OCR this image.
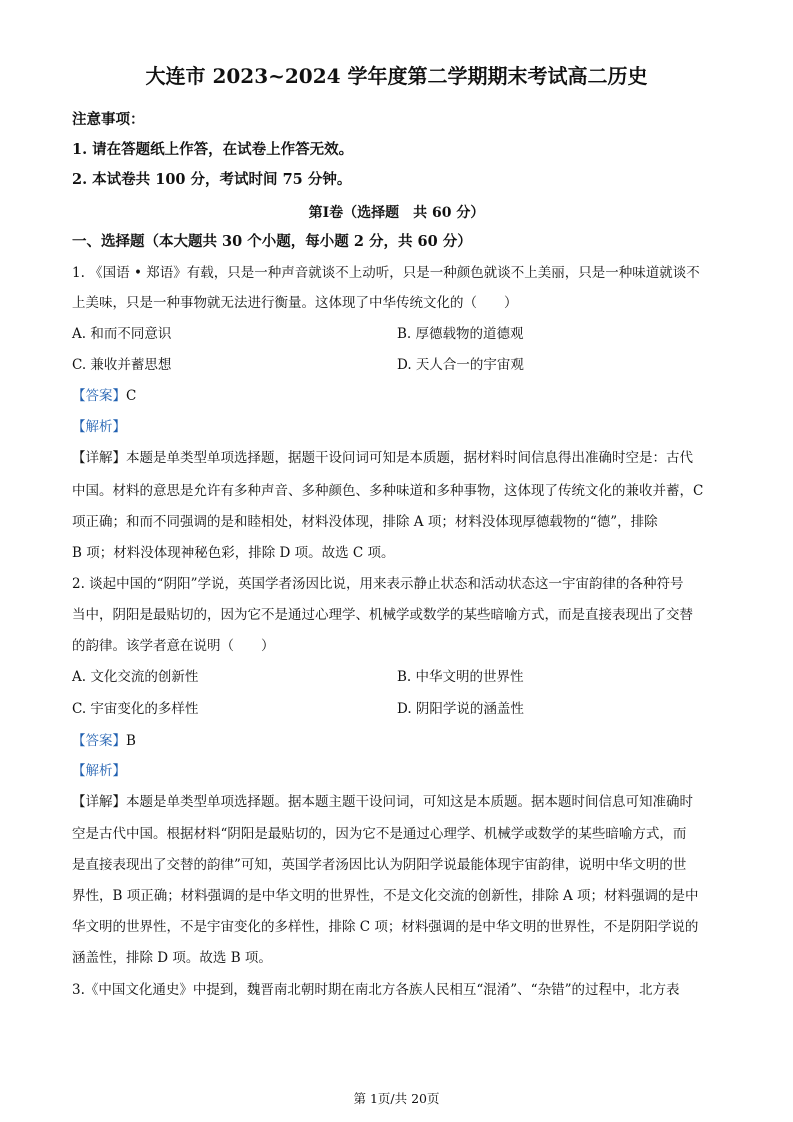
大连市 2023~2024 学年度第二学期期末考试高二历史
注意事项：
1. 请在答题纸上作答，在试卷上作答无效。
2. 本试卷共 100 分，考试时间 75 分钟。
第Ⅰ卷（选择题　共 60 分）
一、选择题（本大题共 30 个小题，每小题 2 分，共 60 分）
1. 《国语 • 郑语》有载，只是一种声音就谈不上动听，只是一种颜色就谈不上美丽，只是一种味道就谈不
上美味，只是一种事物就无法进行衡量。这体现了中华传统文化的（　　）
A. 和而不同意识	B. 厚德载物的道德观
C. 兼收并蓄思想	D. 天人合一的宇宙观
【答案】C
【解析】
【详解】本题是单类型单项选择题，据题干设问词可知是本质题，据材料时间信息得出准确时空是：古代
中国。材料的意思是允许有多种声音、多种颜色、多种味道和多种事物，这体现了传统文化的兼收并蓄，C
项正确；和而不同强调的是和睦相处，材料没体现，排除 A 项；材料没体现厚德载物的“德”，排除
B 项；材料没体现神秘色彩，排除 D 项。故选 C 项。
2. 谈起中国的“阴阳”学说，英国学者汤因比说，用来表示静止状态和活动状态这一宇宙韵律的各种符号
当中，阴阳是最贴切的，因为它不是通过心理学、机械学或数学的某些暗喻方式，而是直接表现出了交替
的韵律。该学者意在说明（　　）
A. 文化交流的创新性	B. 中华文明的世界性
C. 宇宙变化的多样性	D. 阴阳学说的涵盖性
【答案】B
【解析】
【详解】本题是单类型单项选择题。据本题主题干设问词，可知这是本质题。据本题时间信息可知准确时
空是古代中国。根据材料“阴阳是最贴切的，因为它不是通过心理学、机械学或数学的某些暗喻方式，而
是直接表现出了交替的韵律”可知，英国学者汤因比认为阴阳学说最能体现宇宙韵律，说明中华文明的世
界性，B 项正确；材料强调的是中华文明的世界性，不是文化交流的创新性，排除 A 项；材料强调的是中
华文明的世界性，不是宇宙变化的多样性，排除 C 项；材料强调的是中华文明的世界性，不是阴阳学说的
涵盖性，排除 D 项。故选 B 项。
3.《中国文化通史》中提到，魏晋南北朝时期在南北方各族人民相互“混淆”、“杂错”的过程中，北方表
第 1页/共 20页
